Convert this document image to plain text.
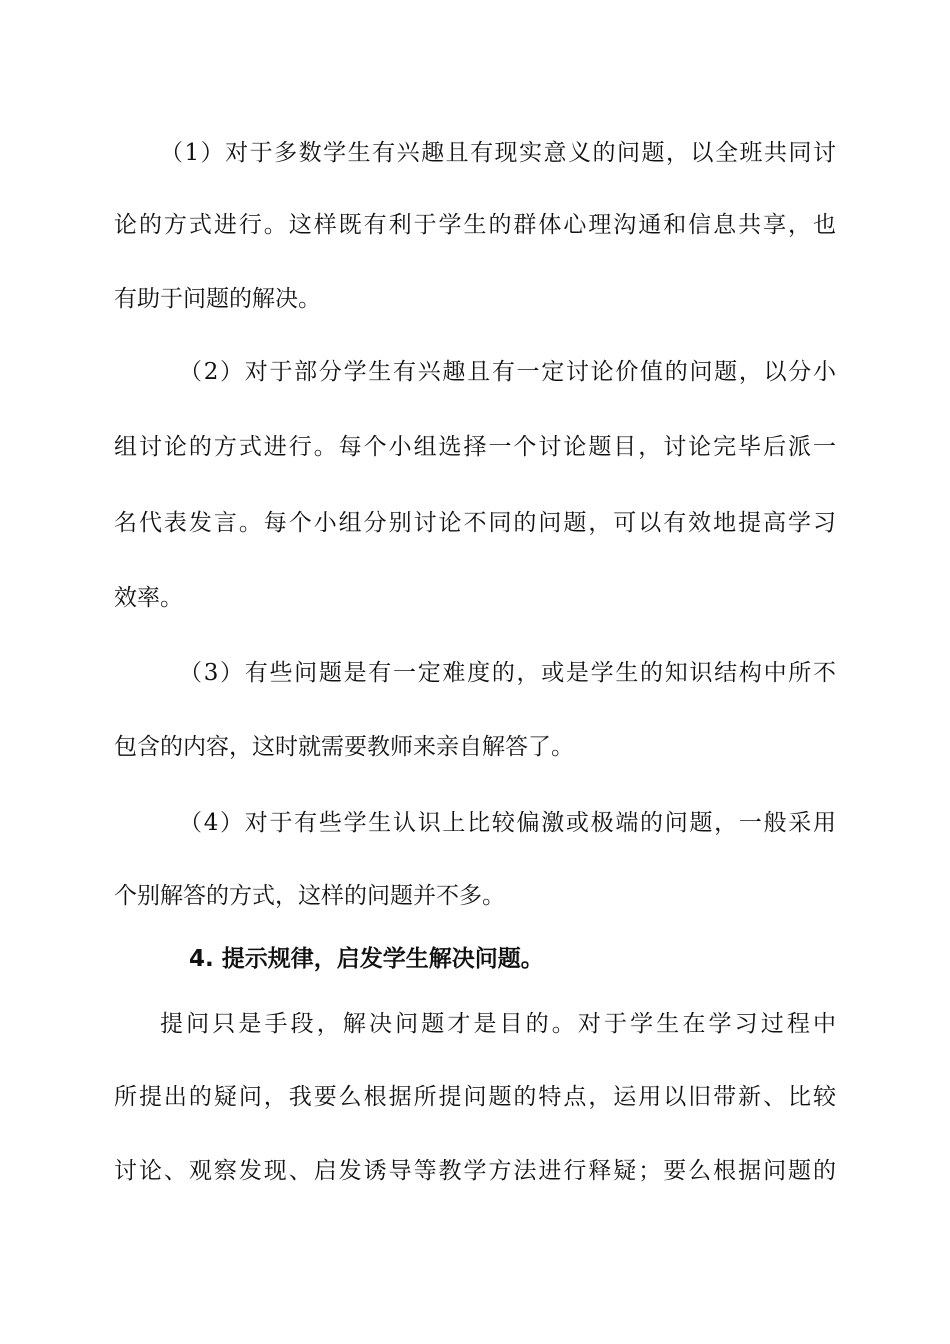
（1）对于多数学生有兴趣且有现实意义的问题，以全班共同讨
论的方式进行。这样既有利于学生的群体心理沟通和信息共享，也
有助于问题的解决。
（2）对于部分学生有兴趣且有一定讨论价值的问题，以分小
组讨论的方式进行。每个小组选择一个讨论题目，讨论完毕后派一
名代表发言。每个小组分别讨论不同的问题，可以有效地提高学习
效率。
（3）有些问题是有一定难度的，或是学生的知识结构中所不
包含的内容，这时就需要教师来亲自解答了。
（4）对于有些学生认识上比较偏激或极端的问题，一般采用
个别解答的方式，这样的问题并不多。
4. 提示规律，启发学生解决问题。
提问只是手段，解决问题才是目的。对于学生在学习过程中
所提出的疑问，我要么根据所提问题的特点，运用以旧带新、比较
讨论、观察发现、启发诱导等教学方法进行释疑；要么根据问题的
